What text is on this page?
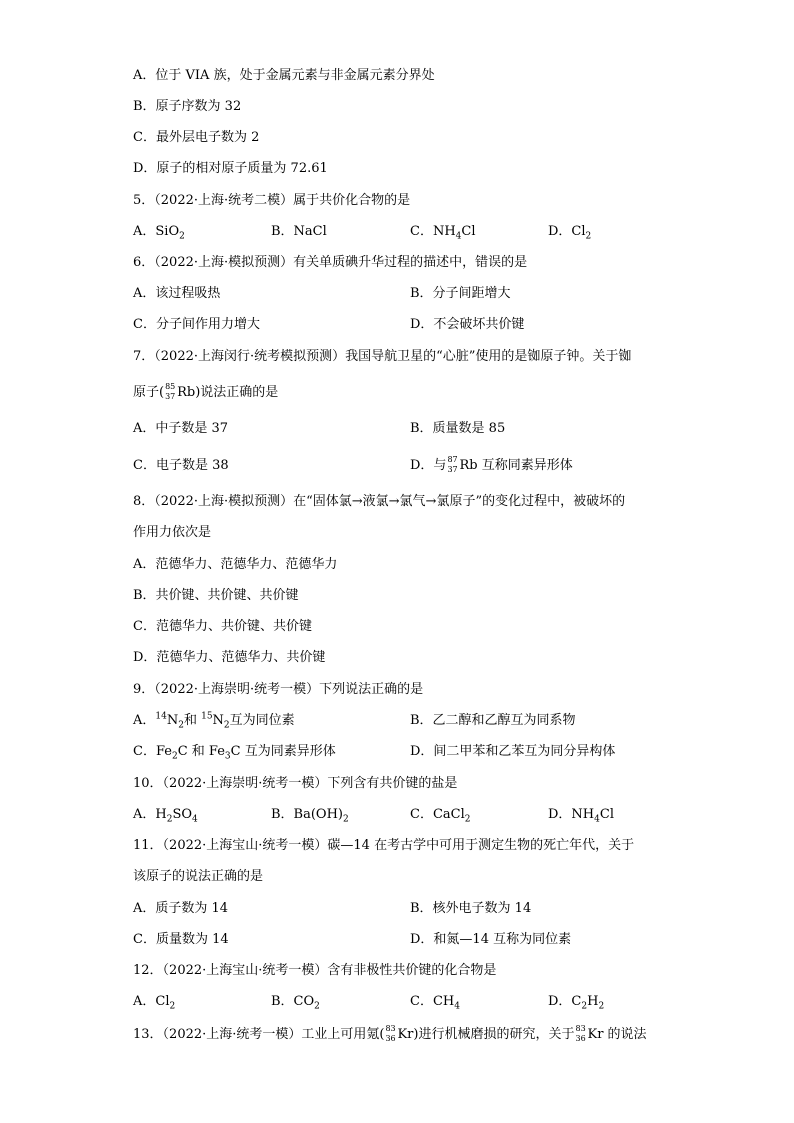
A．位于 VIA 族，处于金属元素与非金属元素分界处
B．原子序数为 32
C．最外层电子数为 2
D．原子的相对原子质量为 72.61
5．（2022·上海·统考二模）属于共价化合物的是
A．SiO$_2$	B．NaCl	C．$NH_4Cl$	D．$Cl_2$
6．（2022·上海·模拟预测）有关单质碘升华过程的描述中，错误的是
A．该过程吸热	B．分子间距增大
C．分子间作用力增大	D．不会破坏共价键
7．（2022·上海闵行·统考模拟预测）我国导航卫星的“心脏”使用的是铷原子钟。关于铷
原子( 85
37 Rb)说法正确的是
A．中子数是 37	B．质量数是 85
C．电子数是 38	D．与 87
37 Rb 互称同素异形体
8．（2022·上海·模拟预测）在“固体氯→液氯→氯气→氯原子”的变化过程中，被破坏的
作用力依次是
A．范德华力、范德华力、范德华力
B．共价键、共价键、共价键
C．范德华力、共价键、共价键
D．范德华力、范德华力、共价键
9．（2022·上海崇明·统考一模）下列说法正确的是
A．$^{14}N_2$和 $^{15}N_2$互为同位素	B．乙二醇和乙醇互为同系物
C．$Fe_2C$ 和 $Fe_3C$ 互为同素异形体	D．间二甲苯和乙苯互为同分异构体
10．（2022·上海崇明·统考一模）下列含有共价键的盐是
A．$H_2SO_4$	B．$Ba(OH)_2$	C．CaCl$_2$	D．$NH_4Cl$
11．（2022·上海宝山·统考一模）碳—14 在考古学中可用于测定生物的死亡年代，关于
该原子的说法正确的是
A．质子数为 14	B．核外电子数为 14
C．质量数为 14	D．和氮—14 互称为同位素
12．（2022·上海宝山·统考一模）含有非极性共价键的化合物是
A．$Cl_2$	B．$CO_2$	C．$CH_4$	D．$C_2H_2$
13．（2022·上海·统考一模）工业上可用氪( 83
36 Kr)进行机械磨损的研究，关于 83
36 Kr 的说法
